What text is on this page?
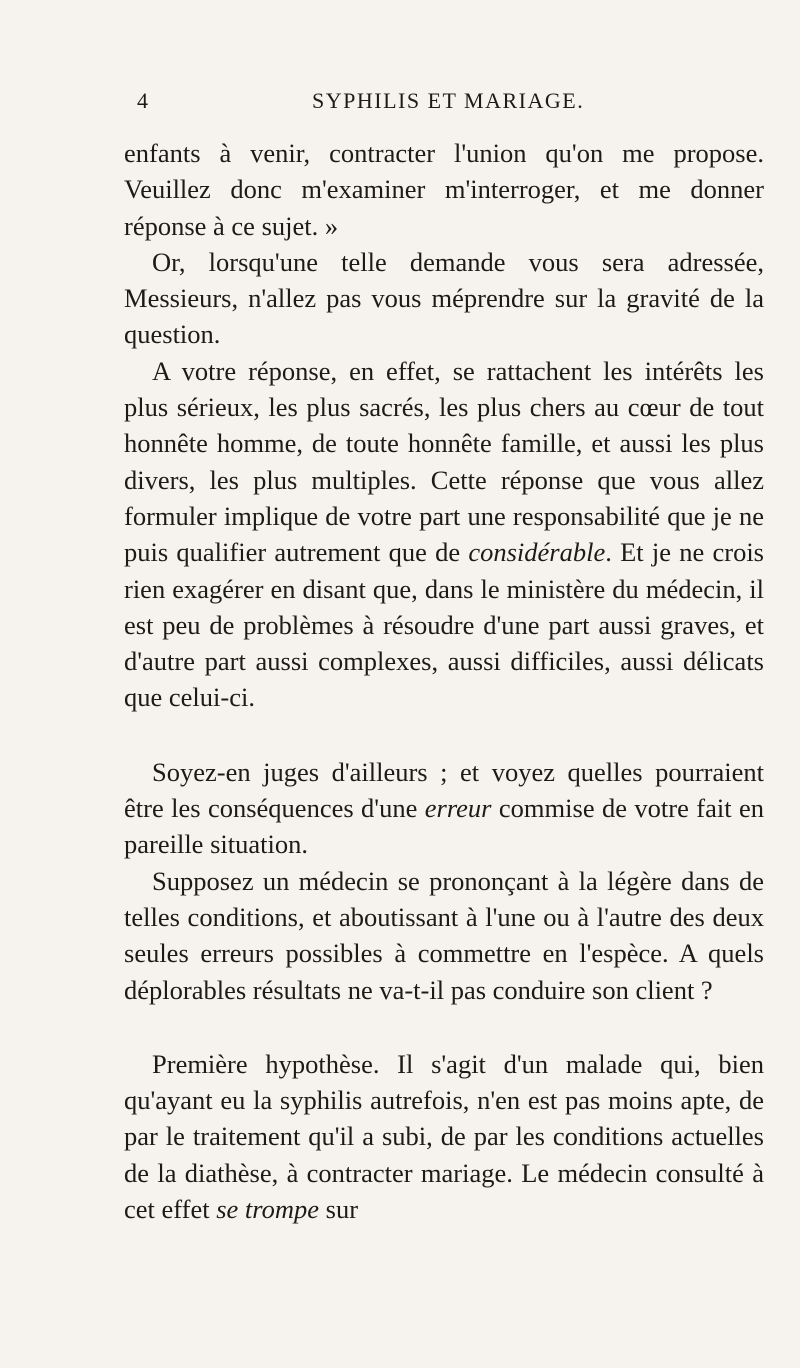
4	SYPHILIS ET MARIAGE.

enfants à venir, contracter l'union qu'on me propose. Veuillez donc m'examiner m'interroger, et me donner réponse à ce sujet. »

Or, lorsqu'une telle demande vous sera adressée, Messieurs, n'allez pas vous méprendre sur la gravité de la question.

A votre réponse, en effet, se rattachent les intérêts les plus sérieux, les plus sacrés, les plus chers au cœur de tout honnête homme, de toute honnête famille, et aussi les plus divers, les plus multiples. Cette réponse que vous allez formuler implique de votre part une responsabilité que je ne puis qualifier autrement que de considérable. Et je ne crois rien exagérer en disant que, dans le ministère du médecin, il est peu de problèmes à résoudre d'une part aussi graves, et d'autre part aussi complexes, aussi difficiles, aussi délicats que celui-ci.

Soyez-en juges d'ailleurs ; et voyez quelles pourraient être les conséquences d'une erreur commise de votre fait en pareille situation.

Supposez un médecin se prononçant à la légère dans de telles conditions, et aboutissant à l'une ou à l'autre des deux seules erreurs possibles à commettre en l'espèce. A quels déplorables résultats ne va-t-il pas conduire son client ?

Première hypothèse. Il s'agit d'un malade qui, bien qu'ayant eu la syphilis autrefois, n'en est pas moins apte, de par le traitement qu'il a subi, de par les conditions actuelles de la diathèse, à contracter mariage. Le médecin consulté à cet effet se trompe sur
